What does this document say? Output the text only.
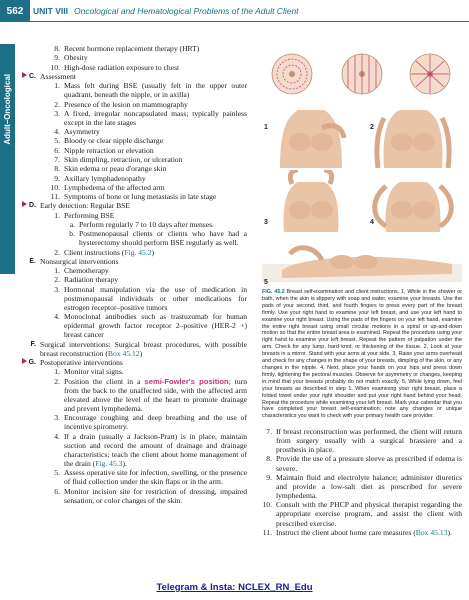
562	UNIT VIII Oncological and Hematological Problems of the Adult Client
Adult–Oncological
8. Recent hormone replacement therapy (HRT)
9. Obesity
10. High-dose radiation exposure to chest
C. Assessment
1. Mass felt during BSE (usually felt in the upper outer quadrant, beneath the nipple, or in axilla)
2. Presence of the lesion on mammography
3. A fixed, irregular noncapsulated mass; typically painless except in the late stages
4. Asymmetry
5. Bloody or clear nipple discharge
6. Nipple retraction or elevation
7. Skin dimpling, retraction, or ulceration
8. Skin edema or peau d'orange skin
9. Axillary lymphadenopathy
10. Lymphedema of the affected arm
11. Symptoms of bone or lung metastasis in late stage
D. Early detection: Regular BSE
1. Performing BSE
a. Perform regularly 7 to 10 days after menses.
b. Postmenopausal clients or clients who have had a hysterectomy should perform BSE regularly as well.
2. Client instructions (Fig. 45.2)
E. Nonsurgical interventions
1. Chemotherapy
2. Radiation therapy
3. Hormonal manipulation via the use of medication in postmenopausal individuals or other medications for estrogen receptor–positive tumors
4. Monoclonal antibodies such as trastuzumab for human epidermal growth factor receptor 2–positive (HER-2 +) breast cancer
F. Surgical interventions: Surgical breast procedures, with possible breast reconstruction (Box 45.12)
G. Postoperative interventions
1. Monitor vital signs.
2. Position the client in a semi-Fowler's position; turn from the back to the unaffected side, with the affected arm elevated above the level of the heart to promote drainage and prevent lymphedema.
3. Encourage coughing and deep breathing and the use of incentive spirometry.
4. If a drain (usually a Jackson-Pratt) is in place, maintain suction and record the amount of drainage and drainage characteristics; teach the client about home management of the drain (Fig. 45.3).
5. Assess operative site for infection, swelling, or the presence of fluid collection under the skin flaps or in the arm.
6. Monitor incision site for restriction of dressing, impaired sensation, or color changes of the skin.
1	2
3	4
5
FIG. 45.2 Breast self-examination and client instructions. 1, While in the shower or bath, when the skin is slippery with soap and water, examine your breasts. Use the pads of your second, third, and fourth fingers to press every part of the breast firmly. Use your right hand to examine your left breast, and use your left hand to examine your right breast. Using the pads of the fingers on your left hand, examine the entire right breast using small circular motions in a spiral or up-and-down motion so that the entire breast area is examined. Repeat the procedure using your right hand to examine your left breast. Repeat the pattern of palpation under the arm. Check for any lump, hard knot, or thickening of the tissue. 2, Look at your breasts in a mirror. Stand with your arms at your side. 3, Raise your arms overhead and check for any changes in the shape of your breasts, dimpling of the skin, or any changes in the nipple. 4, Next, place your hands on your hips and press down firmly, tightening the pectoral muscles. Observe for asymmetry or changes, keeping in mind that your breasts probably do not match exactly. 5, While lying down, feel your breasts as described in step 1. When examining your right breast, place a folded towel under your right shoulder and put your right hand behind your head. Repeat the procedure while examining your left breast. Mark your calendar that you have completed your breast self-examination; note any changes or unique characteristics you want to check with your primary health care provider.
7. If breast reconstruction was performed, the client will return from surgery usually with a surgical brassiere and a prosthesis in place.
8. Provide the use of a pressure sleeve as prescribed if edema is severe.
9. Maintain fluid and electrolyte balance; administer diuretics and provide a low-salt diet as prescribed for severe lymphedema.
10. Consult with the PHCP and physical therapist regarding the appropriate exercise program, and assist the client with prescribed exercise.
11. Instruct the client about home care measures (Box 45.13).
Telegram & Insta: NCLEX_RN_Edu
